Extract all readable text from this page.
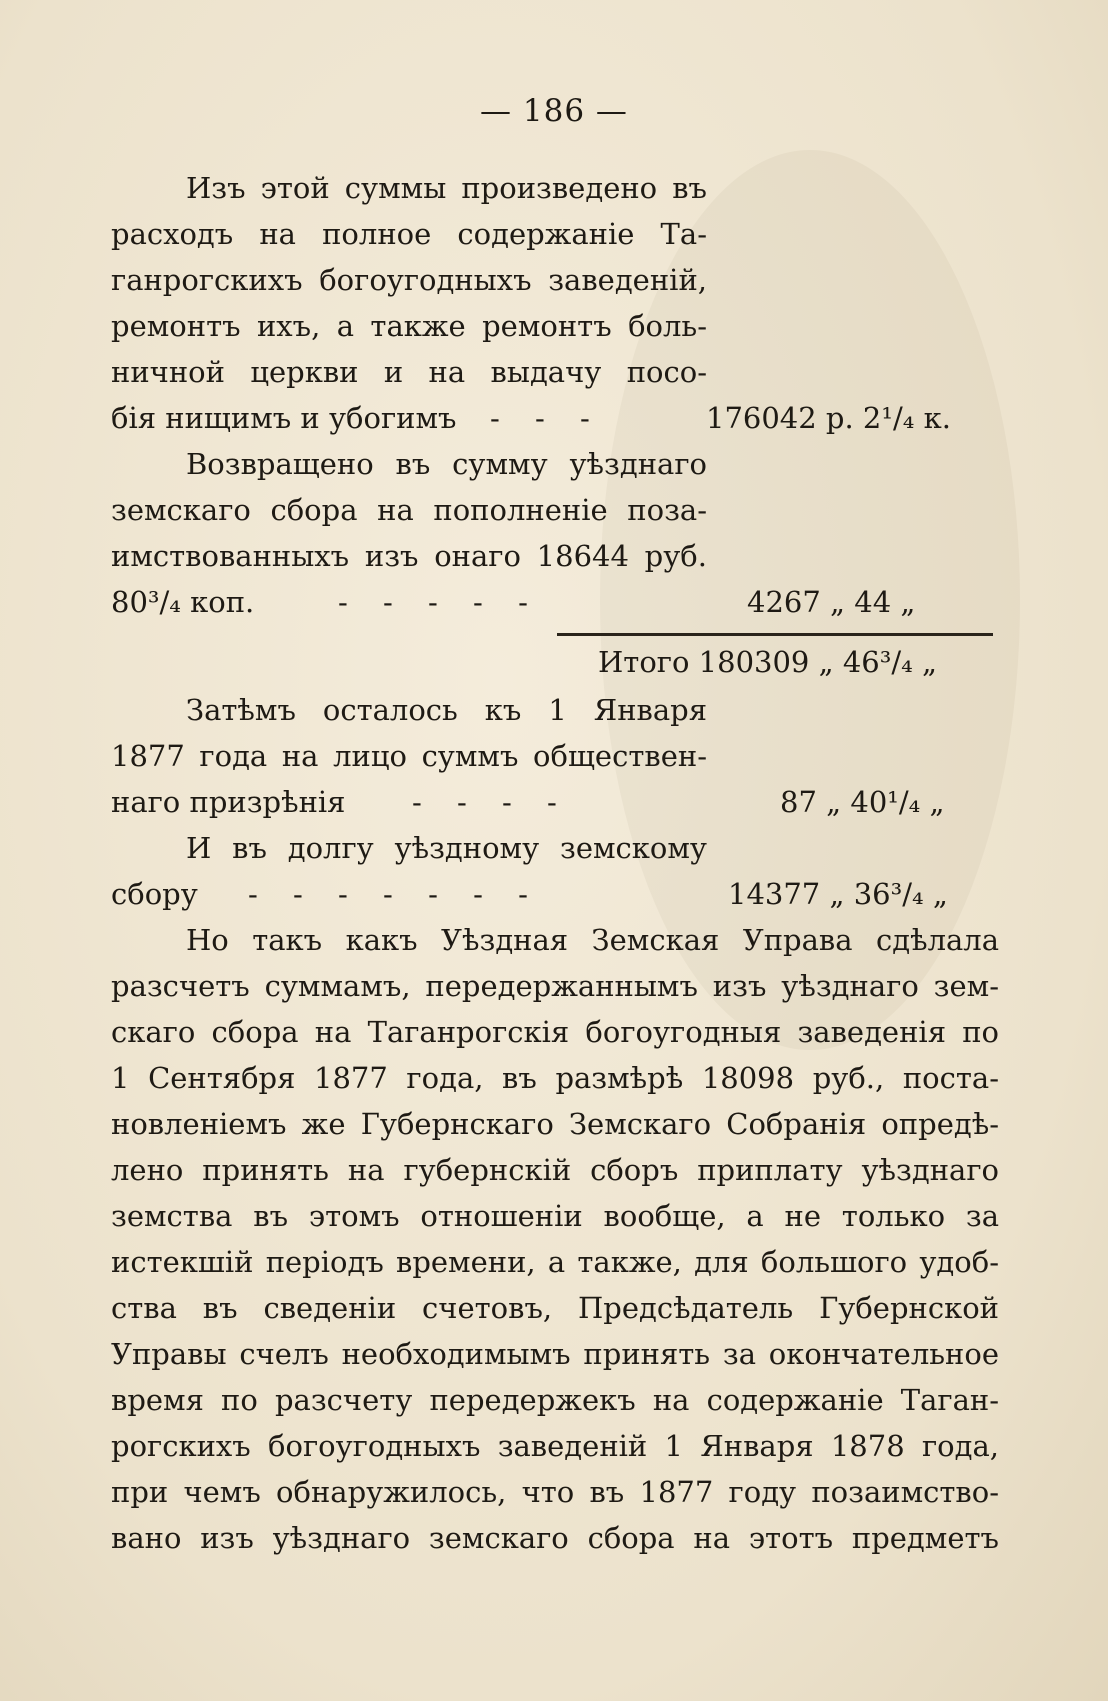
— 186 —
Изъ этой суммы произведено въ
расходъ на полное содержаніе Та-
ганрогскихъ богоугодныхъ заведеній,
ремонтъ ихъ, а также ремонтъ боль-
ничной церкви и на выдачу посо-
бія нищимъ и убогимъ - - -	176042 р. 2¹/₄ к.
Возвращено въ сумму уѣзднаго
земскаго сбора на пополненіе поза-
имствованныхъ изъ онаго 18644 руб.
80³/₄ коп.	- - - - -	4267 „ 44 „
Итого 180309 „ 46³/₄ „
Затѣмъ осталось къ 1 Января
1877 года на лицо суммъ обществен-
наго призрѣнія - - - -	87 „ 40¹/₄ „
И въ долгу уѣздному земскому
сбору - - - - - - -	14377 „ 36³/₄ „
Но такъ какъ Уѣздная Земская Управа сдѣлала
разсчетъ суммамъ, передержаннымъ изъ уѣзднаго зем-
скаго сбора на Таганрогскія богоугодныя заведенія по
1 Сентября 1877 года, въ размѣрѣ 18098 руб., поста-
новленіемъ же Губернскаго Земскаго Собранія опредѣ-
лено принять на губернскій сборъ приплату уѣзднаго
земства въ этомъ отношеніи вообще, а не только за
истекшій періодъ времени, а также, для большого удоб-
ства въ сведеніи счетовъ, Предсѣдатель Губернской
Управы счелъ необходимымъ принять за окончательное
время по разсчету передержекъ на содержаніе Таган-
рогскихъ богоугодныхъ заведеній 1 Января 1878 года,
при чемъ обнаружилось, что въ 1877 году позаимство-
вано изъ уѣзднаго земскаго сбора на этотъ предметъ
